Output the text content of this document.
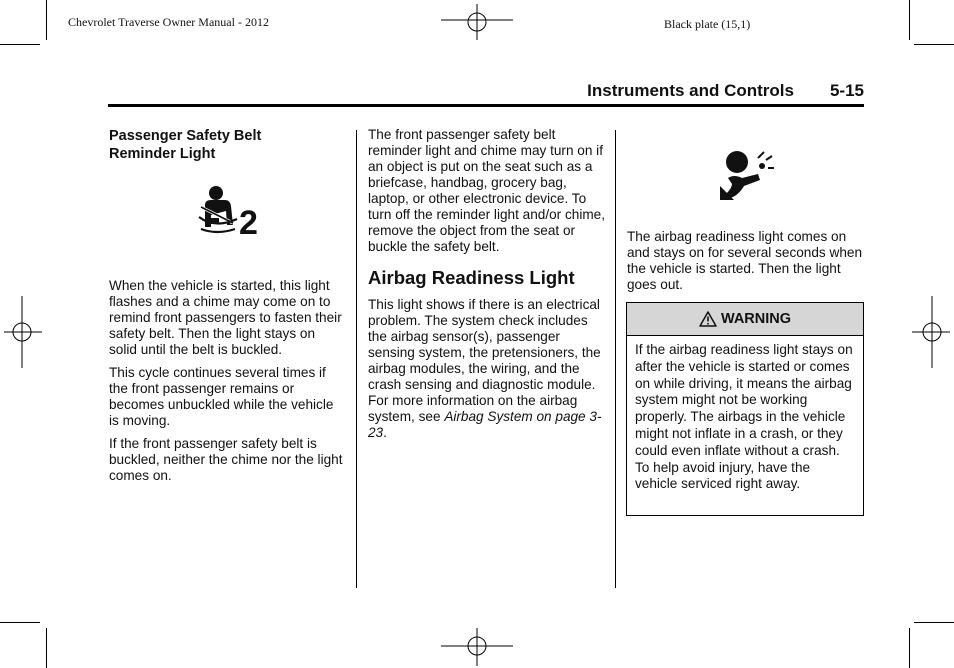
Chevrolet Traverse Owner Manual - 2012	Black plate (15,1)
Instruments and Controls 5-15
Passenger Safety Belt
Reminder Light
2

When the vehicle is started, this light flashes and a chime may come on to remind front passengers to fasten their safety belt. Then the light stays on solid until the belt is buckled.

This cycle continues several times if the front passenger remains or becomes unbuckled while the vehicle is moving.

If the front passenger safety belt is buckled, neither the chime nor the light comes on.

The front passenger safety belt reminder light and chime may turn on if an object is put on the seat such as a briefcase, handbag, grocery bag, laptop, or other electronic device. To turn off the reminder light and/or chime, remove the object from the seat or buckle the safety belt.

Airbag Readiness Light

This light shows if there is an electrical problem. The system check includes the airbag sensor(s), passenger sensing system, the pretensioners, the airbag modules, the wiring, and the crash sensing and diagnostic module. For more information on the airbag system, see Airbag System on page 3-23.

The airbag readiness light comes on and stays on for several seconds when the vehicle is started. Then the light goes out.

WARNING
If the airbag readiness light stays on after the vehicle is started or comes on while driving, it means the airbag system might not be working properly. The airbags in the vehicle might not inflate in a crash, or they could even inflate without a crash. To help avoid injury, have the vehicle serviced right away.
